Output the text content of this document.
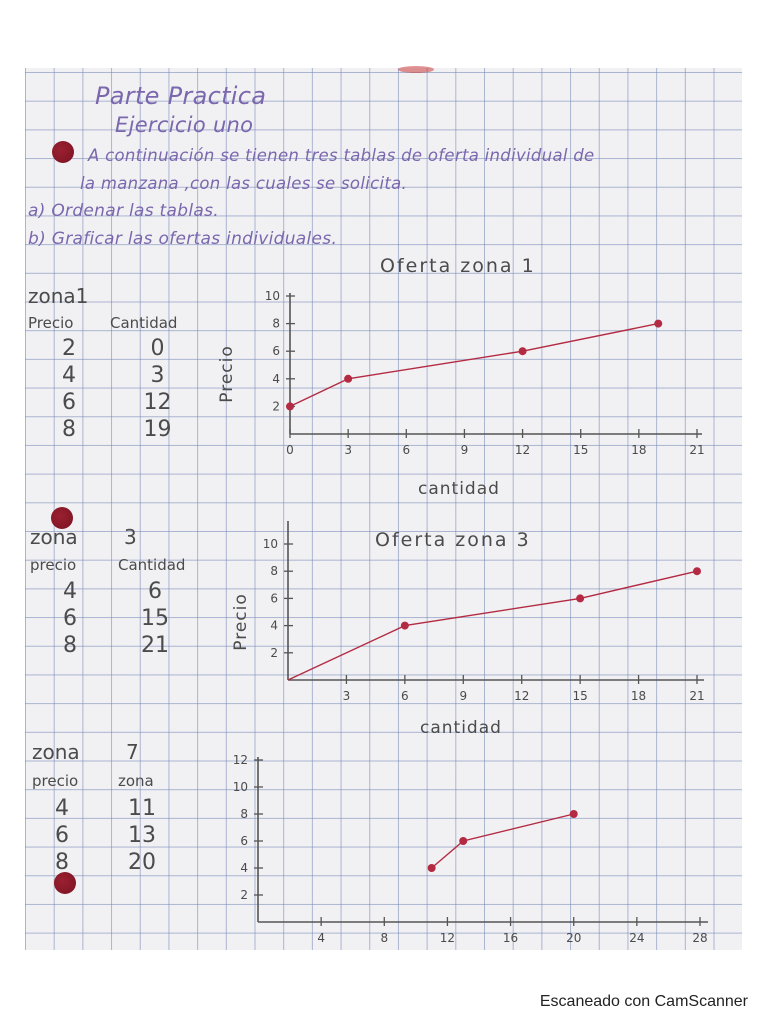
Parte Practica
Ejercicio uno
A continuación se tienen tres tablas de oferta individual de
la manzana ,con las cuales se solicita.
a) Ordenar las tablas.
b) Graficar las ofertas individuales.
zona1
Precio	Cantidad
2	0
4	3
6	12
8	19
zona 3
precio	Cantidad
4	6
6	15
8	21
zona 7
precio	zona
4	11
6	13
8	20
0	3	6	9	12	15	18	21
2
4
6
8
10
Oferta zona 1
cantidad
Precio
3	6	9	12	15	18	21
2
4
6
8
10	Oferta zona 3
cantidad
Precio
4	8	12	16	20	24	28
2
4
6
8
10
12
Escaneado con CamScanner
